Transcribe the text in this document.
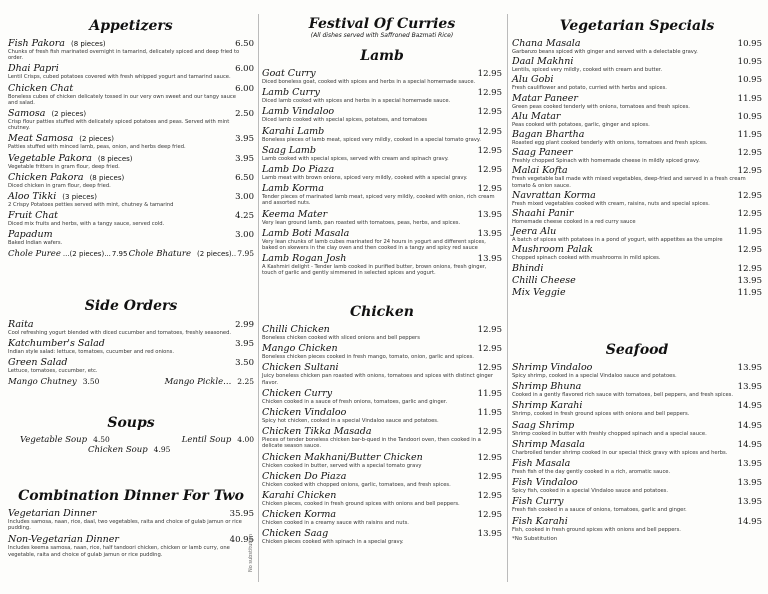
Appetizers
Fish Pakora (8 pieces)	6.50
Chunks of fresh fish marinated overnight in tamarind, delicately spiced and deep fried to order.
Dhai Papri	6.00
Lentil Crisps, cubed potatoes covered with fresh whipped yogurt and tamarind sauce.
Chicken Chat	6.00
Boneless cubes of chicken delicately tossed in our very own sweet and our tangy sauce and salad.
Samosa (2 pieces)	2.50
Crisp flour patties stuffed with delicately spiced potatoes and peas. Served with mint chutney.
Meat Samosa (2 pieces)	3.95
Patties stuffed with minced lamb, peas, onion, and herbs deep fried.
Vegetable Pakora (8 pieces)	3.95
Vegetable fritters in gram flour, deep fried.
Chicken Pakora (8 pieces)	6.50
Diced chicken in gram flour, deep fried.
Aloo Tikki (3 pieces)	3.00
2 Crispy Potatoes petties served with mint, chutney & tamarind
Fruit Chat	4.25
Diced mix fruits and herbs, with a tangy sauce, served cold.
Papadum	3.00
Baked Indian wafers.
Chole Puree ...(2 pieces)...7.95 Chole Bhature (2 pieces).. 7.95
Side Orders
Raita	2.99
Cool refreshing yogurt blended with diced cucumber and tomatoes, freshly seasoned.
Katchumber's Salad	3.95
Indian style salad: lettuce, tomatoes, cucumber and red onions.
Green Salad	3.50
Lettuce, tomatoes, cucumber, etc.
Mango Chutney 3.50	Mango Pickle... 2.25
Soups
Vegetable Soup 4.50	Lentil Soup 4.00
Chicken Soup 4.95
Combination Dinner For Two
Vegetarian Dinner	35.95
Includes samosa, naan, rice, daal, two vegetables, raita and choice of gulab jamun or rice pudding.
Non-Vegetarian Dinner	40.95
Includes keema samosa, naan, rice, half tandoori chicken, chicken or lamb curry, one vegetable, raita and choice of gulab jamun or rice pudding.	No substitution
Festival Of Curries
(All dishes served with Saffroned Bazmati Rice)
Lamb
Goat Curry	12.95
Diced boneless goat, cooked with spices and herbs in a special homemade sauce.
Lamb Curry	12.95
Diced lamb cooked with spices and herbs in a special homemade sauce.
Lamb Vindaloo	12.95
Diced lamb cooked with special spices, potatoes, and tomatoes
Karahi Lamb	12.95
Boneless pieces of lamb meat, spiced very mildly, cooked in a special tomato gravy.
Saag Lamb	12.95
Lamb cooked with special spices, served with cream and spinach gravy.
Lamb Do Piaza	12.95
Lamb meat with brown onions, spiced very mildly, cooked with a special gravy.
Lamb Korma	12.95
Tender pieces of marinated lamb meat, spiced very mildly, cooked with onion, rich cream and assorted nuts.
Keema Mater	13.95
Very lean ground lamb, pan roasted with tomatoes, peas, herbs, and spices.
Lamb Boti Masala	13.95
Very lean chunks of lamb cubes marinated for 24 hours in yogurt and different spices, baked on skewers in the clay oven and then cooked in a tangy and spicy red sauce
Lamb Rogan Josh	13.95
A Kashmiri delight - Tender lamb cooked in purified butter, brown onions, fresh ginger, touch of garlic and gently simmered in selected spices and yogurt.
Chicken
Chilli Chicken	12.95
Boneless chicken cooked with sliced onions and bell peppers
Mango Chicken	12.95
Boneless chicken pieces cooked in fresh mango, tomato, onion, garlic and spices.
Chicken Sultani	12.95
Juicy boneless chicken pan roasted with onions, tomatoes and spices with distinct ginger flavor.
Chicken Curry	11.95
Chicken cooked in a sauce of fresh onions, tomatoes, garlic and ginger.
Chicken Vindaloo	11.95
Spicy hot chicken, cooked in a special Vindaloo sauce and potatoes.
Chicken Tikka Masada	12.95
Pieces of tender boneless chicken bar-b-qued in the Tandoori oven, then cooked in a delicate season sauce.
Chicken Makhani/Butter Chicken	12.95
Chicken cooked in butter, served with a special tomato gravy
Chicken Do Piaza	12.95
Chicken cooked with chopped onions, garlic, tomatoes, and fresh spices.
Karahi Chicken	12.95
Chicken pieces, cooked in fresh ground spices with onions and bell peppers.
Chicken Korma	12.95
Chicken cooked in a creamy sauce with raisins and nuts.
Chicken Saag	13.95
Chicken pieces cooked with spinach in a special gravy.
Vegetarian Specials
Chana Masala	10.95
Garbanzo beans spiced with ginger and served with a delectable gravy.
Daal Makhni	10.95
Lentils, spiced very mildly, cooked with cream and butter.
Alu Gobi	10.95
Fresh cauliflower and potato, curried with herbs and spices.
Matar Paneer	11.95
Green peas cooked tenderly with onions, tomatoes and fresh spices.
Alu Matar	10.95
Peas cooked with potatoes, garlic, ginger and spices.
Bagan Bhartha	11.95
Roasted egg plant cooked tenderly with onions, tomatoes and fresh spices.
Saag Paneer	12.95
Freshly chopped Spinach with homemade cheese in mildly spiced gravy.
Malai Kofta	12.95
Fresh vegetable ball made with mixed vegetables, deep-fried and served in a fresh cream tomato & onion sauce.
Navrattan Korma	12.95
Fresh mixed vegetables cooked with cream, raisins, nuts and special spices.
Shaahi Panir	12.95
Homemade cheese cooked in a red curry sauce
Jeera Alu	11.95
A batch of spices with potatoes in a pond of yogurt, with appetites as the umpire
Mushroom Palak	12.95
Chopped spinach cooked with mushrooms in mild spices.
Bhindi	12.95
Chilli Cheese	13.95
Mix Veggie	11.95
Seafood
Shrimp Vindaloo	13.95
Spicy shrimp, cooked in a special Vindaloo sauce and potatoes.
Shrimp Bhuna	13.95
Cooked in a gently flavored rich sauce with tomatoes, bell peppers, and fresh spices.
Shrimp Karahi	14.95
Shrimp, cooked in fresh ground spices with onions and bell peppers.
Saag Shrimp	14.95
Shrimp cooked in butter with freshly chopped spinach and a special sauce.
Shrimp Masala	14.95
Charbroiled tender shrimp cooked in our special thick gravy with spices and herbs.
Fish Masala	13.95
Fresh fish of the day gently cooked in a rich, aromatic sauce.
Fish Vindaloo	13.95
Spicy fish, cooked in a special Vindaloo sauce and potatoes.
Fish Curry	13.95
Fresh fish cooked in a sauce of onions, tomatoes, garlic and ginger.
Fish Karahi	14.95
Fish, cooked in fresh ground spices with onions and bell peppers.
*No Substitution
